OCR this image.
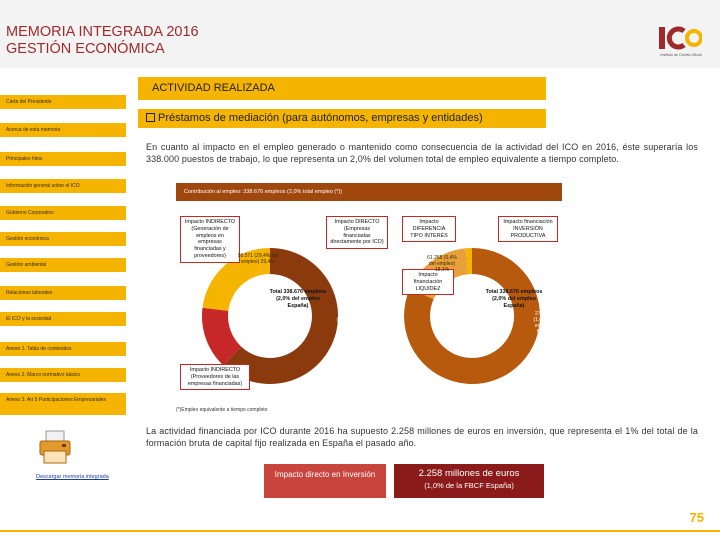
MEMORIA INTEGRADA 2016
GESTIÓN ECONÓMICA	Instituto de Crédito Oficial
Carta del Presidente
Acerca de esta memoria
Principales hitos
Información general sobre el ICO
Gobierno Corporativo
Gestión económica
Gestión ambiental
Relaciones laborales
El ICO y la sociedad
Anexo 1. Tabla de contenidos
Anexo 2. Marco normativo básico
Anexo 3. Art 5 Participaciones Empresariales
ACTIVIDAD REALIZADA
Préstamos de mediación (para autónomos, empresas y entidades)
En cuanto al impacto en el empleo generado o mantenido como consecuencia de la actividad del ICO en 2016, éste superaría los 338.000 puestos de trabajo, lo que representa un 2,0% del volumen total de empleo equivalente a tiempo completo.
Contribución al empleo: 338.676 empleos (2,0% total empleo (*))
Impacto INDIRECTO (Generación de empleos en empresas financiadas y proveedores)
Impacto DIRECTO (Empresas financiadas directamente por ICO)
Impacto DIFERENCIA TIPO INTERÉS
Impacto financiación INVERSIÓN PRODUCTIVA
Impacto financiación LIQUIDEZ
Impacto INDIRECTO (Proveedores de las empresas financiadas)
99.571 (29,4% del empleo) 29,4%
Total 338.676 empleos (2,0% del empleo España)
35.670 (0,2% del empleo) 10,5%
203.935 (1,2% del empleo) 60,2%
5.189 1,5% del empleo
61.268 (0,4% del empleo) 18,1%
Total 338.676 empleos (2,0% del empleo España)
272.218 (1,6% del empleo) 80,4%
(*)Empleo equivalente a tiempo completo
La actividad financiada por ICO durante 2016 ha supuesto 2.258 millones de euros en inversión, que representa el 1% del total de la formación bruta de capital fijo realizada en España el pasado año.
Impacto directo en Inversión	2.258 millones de euros
(1,0% de la FBCF España)
Descargar memoria integrada
75
